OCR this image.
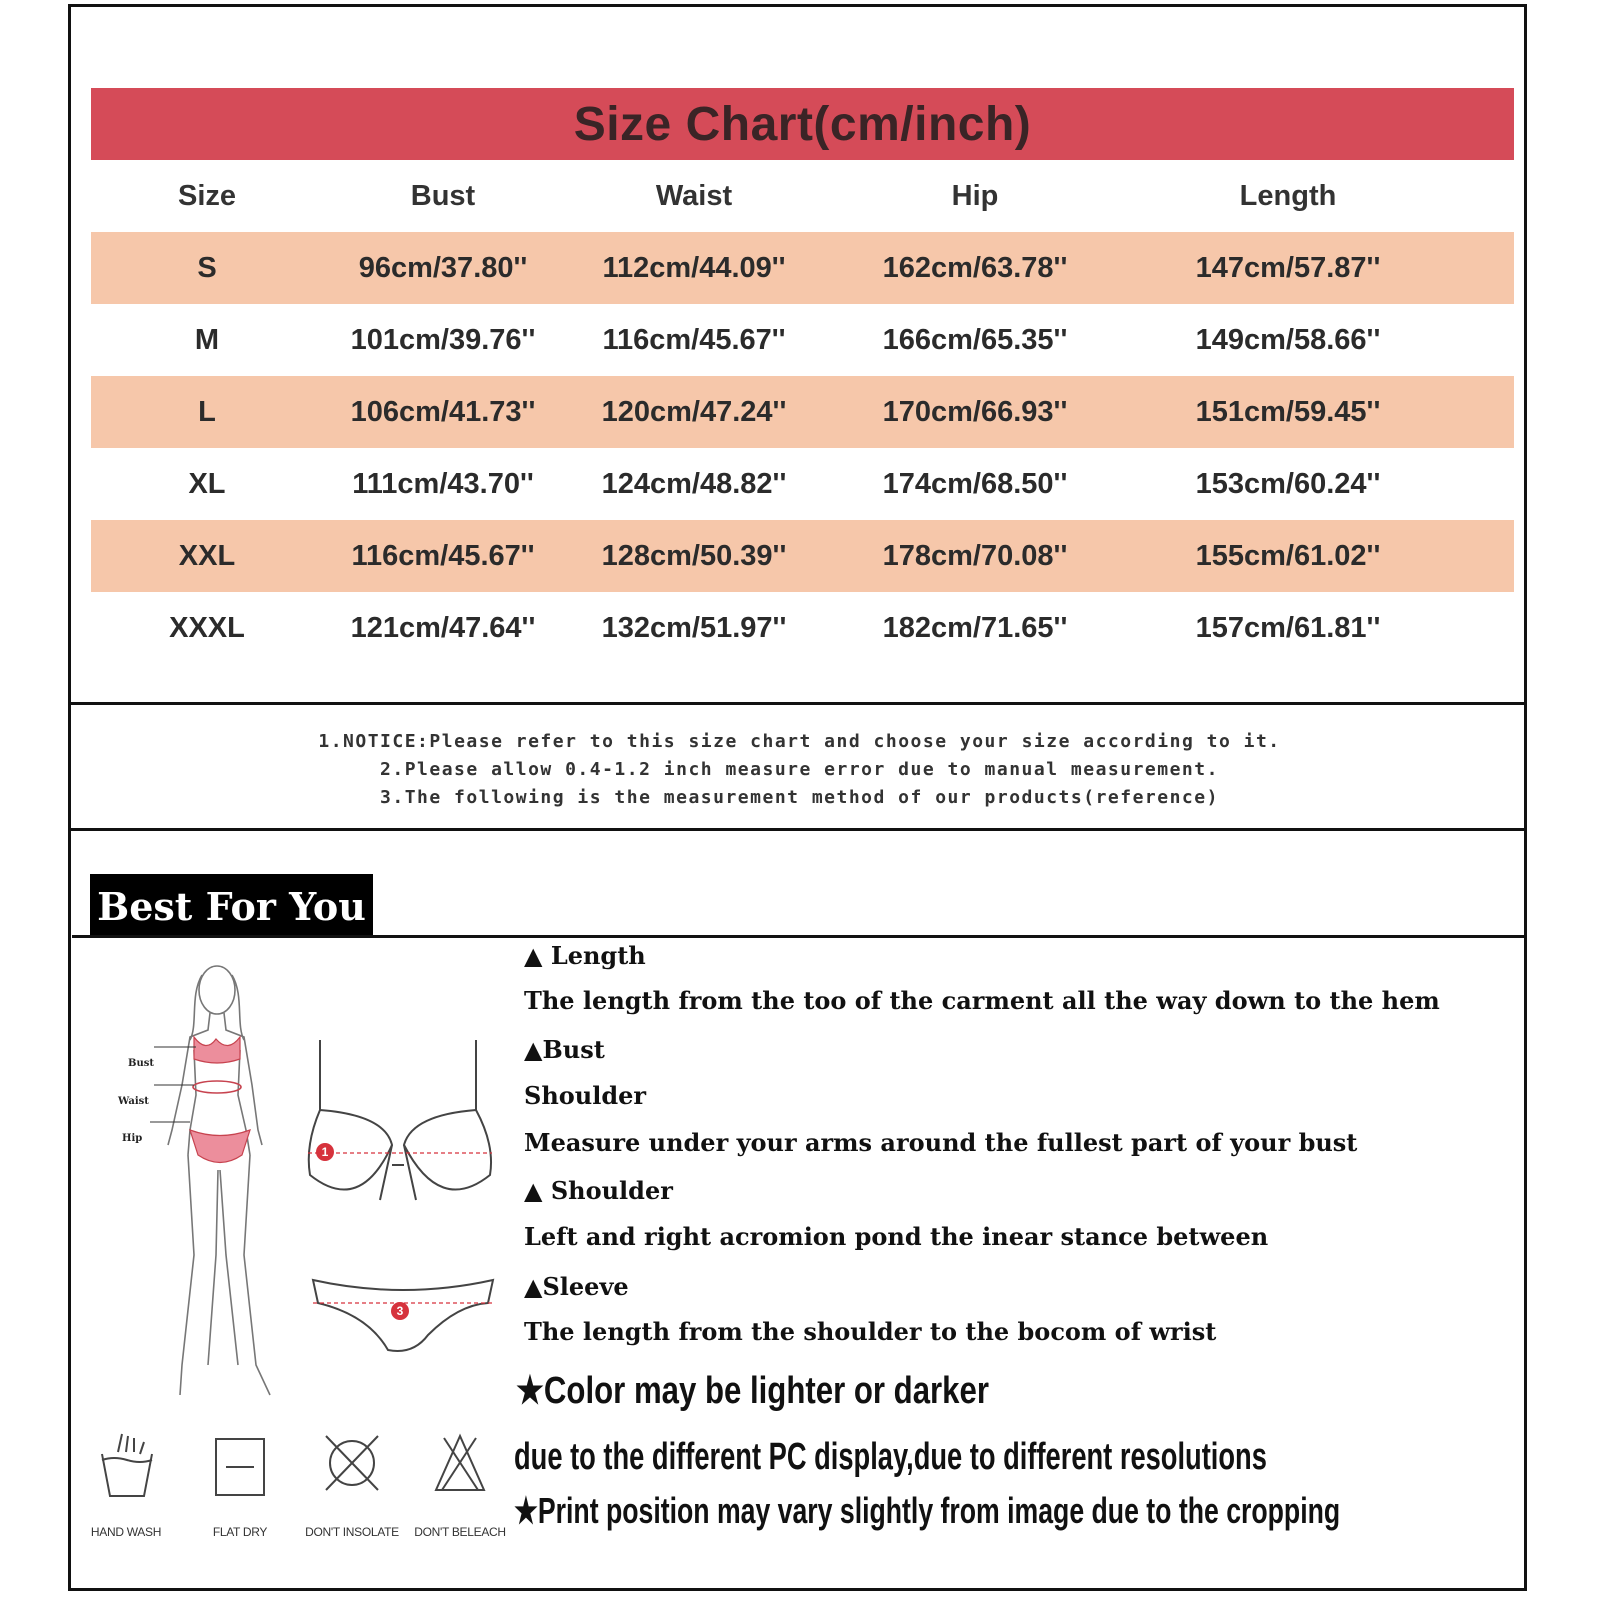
Size Chart(cm/inch)
Size	Bust	Waist	Hip	Length
S	96cm/37.80''	112cm/44.09''	162cm/63.78''	147cm/57.87''
M	101cm/39.76''	116cm/45.67''	166cm/65.35''	149cm/58.66''
L	106cm/41.73''	120cm/47.24''	170cm/66.93''	151cm/59.45''
XL	111cm/43.70''	124cm/48.82''	174cm/68.50''	153cm/60.24''
XXL	116cm/45.67''	128cm/50.39''	178cm/70.08''	155cm/61.02''
XXXL	121cm/47.64''	132cm/51.97''	182cm/71.65''	157cm/61.81''
1.NOTICE:Please refer to this size chart and choose your size according to it.
2.Please allow 0.4-1.2 inch measure error due to manual measurement.
3.The following is the measurement method of our products(reference)
Best For You
Bust
Waist
Hip
1
3
▲ Length
The length from the too of the carment all the way down to the hem
▲Bust
Shoulder
Measure under your arms around the fullest part of your bust
▲ Shoulder
Left and right acromion pond the inear stance between
▲Sleeve
The length from the shoulder to the bocom of wrist
★Color may be lighter or darker
due to the different PC display,due to different resolutions
★Print position may vary slightly from image due to the cropping
HAND WASH	FLAT DRY	DON'T INSOLATE	DON'T BELEACH
